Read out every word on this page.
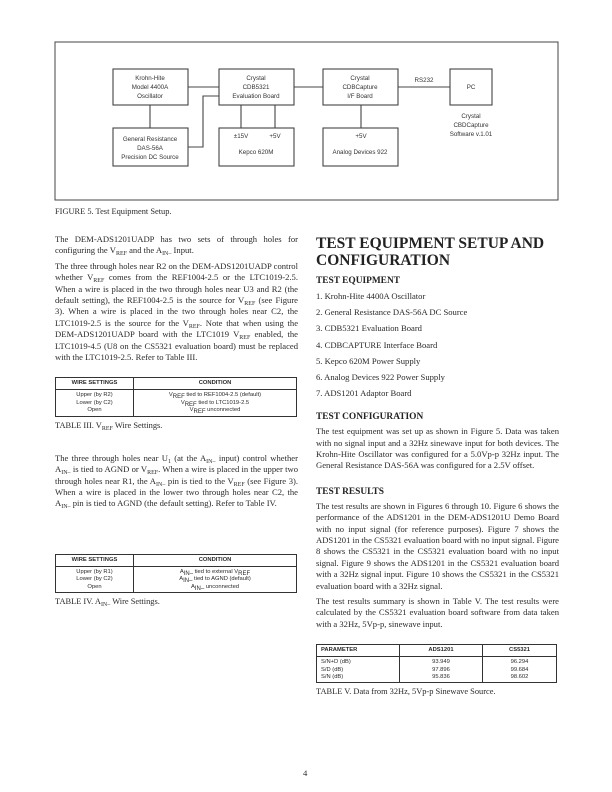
Krohn-Hite
Model 4400A
Oscillator
General Resistance
DAS-56A
Precision DC Source
Crystal
CDB5321
Evaluation Board
±15V	+5V
Kepco 620M
Crystal
CDBCapture
I/F Board
+5V
Analog Devices 922
PC
RS232
Crystal
CBDCapture
Software v.1.01
FIGURE 5. Test Equipment Setup.

The DEM-ADS1201UADP has two sets of through holes for configuring the $V_{REF}$ and the $A_{IN-}$ Input.

The three through holes near R2 on the DEM-ADS1201UADP control whether $V_{REF}$ comes from the REF1004-2.5 or the LTC1019-2.5. When a wire is placed in the two through holes near U3 and R2 (the default setting), the REF1004-2.5 is the source for $V_{REF}$ (see Figure 3). When a wire is placed in the two through holes near C2, the LTC1019-2.5 is the source for the $V_{REF}$. Note that when using the DEM-ADS1201UADP board with the LTC1019 $V_{REF}$ enabled, the LTC1019-4.5 (U8 on the CS5321 evaluation board) must be replaced with the LTC1019-2.5. Refer to Table III.

WIRE SETTINGS	CONDITION
Upper (by R2)	$V_{REF}$ tied to REF1004-2.5 (default)
Lower (by C2)	$V_{REF}$ tied to LTC1019-2.5
Open	$V_{REF}$ unconnected
TABLE III. $V_{REF}$ Wire Settings.

The three through holes near $U_1$ (at the $A_{IN-}$ input) control whether $A_{IN-}$ is tied to AGND or $V_{REF}$. When a wire is placed in the upper two through holes near R1, the $A_{IN-}$ pin is tied to the $V_{REF}$ (see Figure 3). When a wire is placed in the lower two through holes near C2, the $A_{IN-}$ pin is tied to AGND (the default setting). Refer to Table IV.

WIRE SETTINGS	CONDITION
Upper (by R1)	$A_{IN-}$ tied to external $V_{REF}$
Lower (by C2)	$A_{IN-}$ tied to AGND (default)
Open	$A_{IN-}$ unconnected
TABLE IV. $A_{IN-}$ Wire Settings.
TEST EQUIPMENT SETUP AND CONFIGURATION
TEST EQUIPMENT
1. Krohn-Hite 4400A Oscillator
2. General Resistance DAS-56A DC Source
3. CDB5321 Evaluation Board
4. CDBCAPTURE Interface Board
5. Kepco 620M Power Supply
6. Analog Devices 922 Power Supply
7. ADS1201 Adaptor Board
TEST CONFIGURATION

The test equipment was set up as shown in Figure 5. Data was taken with no signal input and a 32Hz sinewave input for both devices. The Krohn-Hite Oscillator was configured for a 5.0Vp-p 32Hz input. The General Resistance DAS-56A was configured for a 2.5V offset.

TEST RESULTS

The test results are shown in Figures 6 through 10. Figure 6 shows the performance of the ADS1201 in the DEM-ADS1201U Demo Board with no input signal (for reference purposes). Figure 7 shows the ADS1201 in the CS5321 evaluation board with no input signal. Figure 8 shows the CS5321 in the CS5321 evaluation board with no input signal. Figure 9 shows the ADS1201 in the CS5321 evaluation board with a 32Hz signal input. Figure 10 shows the CS5321 in the CS5321 evaluation board with a 32Hz signal.

The test results summary is shown in Table V. The test results were calculated by the CS5321 evaluation board software from data taken with a 32Hz, 5Vp-p, sinewave input.

PARAMETER	ADS1201	CS5321
S/N+D (dB)	93.949	96.294
S/D (dB)	97.896	99.684
S/N (dB)	95.836	98.602
TABLE V. Data from 32Hz, 5Vp-p Sinewave Source.
4
